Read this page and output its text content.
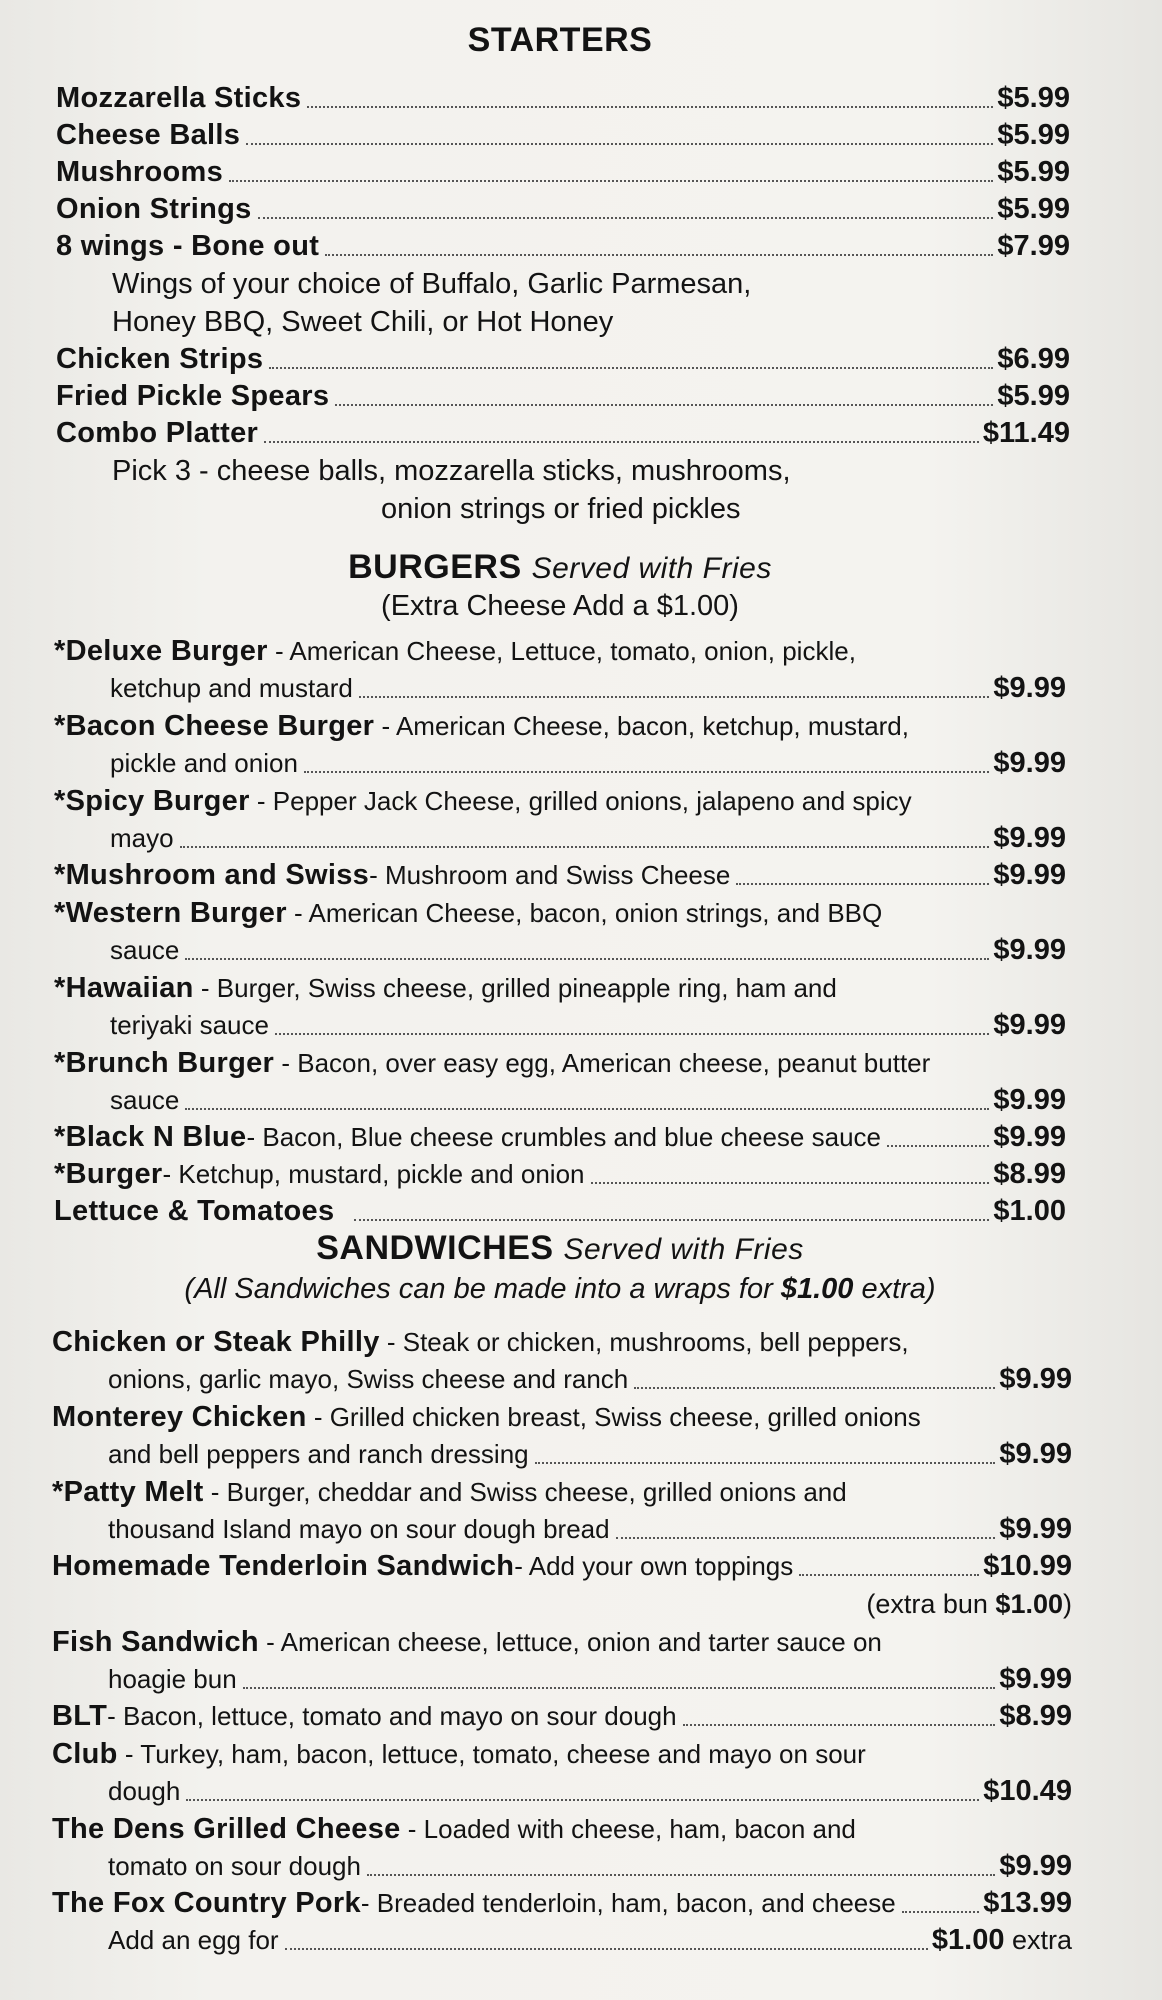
STARTERS
Mozzarella Sticks	$5.99
Cheese Balls	$5.99
Mushrooms	$5.99
Onion Strings	$5.99
8 wings - Bone out	$7.99
Wings of your choice of Buffalo, Garlic Parmesan,
Honey BBQ, Sweet Chili, or Hot Honey
Chicken Strips	$6.99
Fried Pickle Spears	$5.99
Combo Platter	$11.49
Pick 3 - cheese balls, mozzarella sticks, mushrooms,
onion strings or fried pickles
BURGERS Served with Fries
(Extra Cheese Add a $1.00)
*Deluxe Burger - American Cheese, Lettuce, tomato, onion, pickle,
ketchup and mustard	$9.99
*Bacon Cheese Burger - American Cheese, bacon, ketchup, mustard,
pickle and onion	$9.99
*Spicy Burger - Pepper Jack Cheese, grilled onions, jalapeno and spicy
mayo	$9.99
*Mushroom and Swiss - Mushroom and Swiss Cheese	$9.99
*Western Burger - American Cheese, bacon, onion strings, and BBQ
sauce	$9.99
*Hawaiian - Burger, Swiss cheese, grilled pineapple ring, ham and
teriyaki sauce	$9.99
*Brunch Burger - Bacon, over easy egg, American cheese, peanut butter
sauce	$9.99
*Black N Blue - Bacon, Blue cheese crumbles and blue cheese sauce	$9.99
*Burger - Ketchup, mustard, pickle and onion	$8.99
Lettuce & Tomatoes	$1.00
SANDWICHES Served with Fries
(All Sandwiches can be made into a wraps for $1.00 extra)
Chicken or Steak Philly - Steak or chicken, mushrooms, bell peppers,
onions, garlic mayo, Swiss cheese and ranch	$9.99
Monterey Chicken - Grilled chicken breast, Swiss cheese, grilled onions
and bell peppers and ranch dressing	$9.99
*Patty Melt - Burger, cheddar and Swiss cheese, grilled onions and
thousand Island mayo on sour dough bread	$9.99
Homemade Tenderloin Sandwich - Add your own toppings	$10.99
(extra bun $1.00)
Fish Sandwich - American cheese, lettuce, onion and tarter sauce on
hoagie bun	$9.99
BLT - Bacon, lettuce, tomato and mayo on sour dough	$8.99
Club - Turkey, ham, bacon, lettuce, tomato, cheese and mayo on sour
dough	$10.49
The Dens Grilled Cheese - Loaded with cheese, ham, bacon and
tomato on sour dough	$9.99
The Fox Country Pork - Breaded tenderloin, ham, bacon, and cheese	$13.99
Add an egg for	$1.00 extra
